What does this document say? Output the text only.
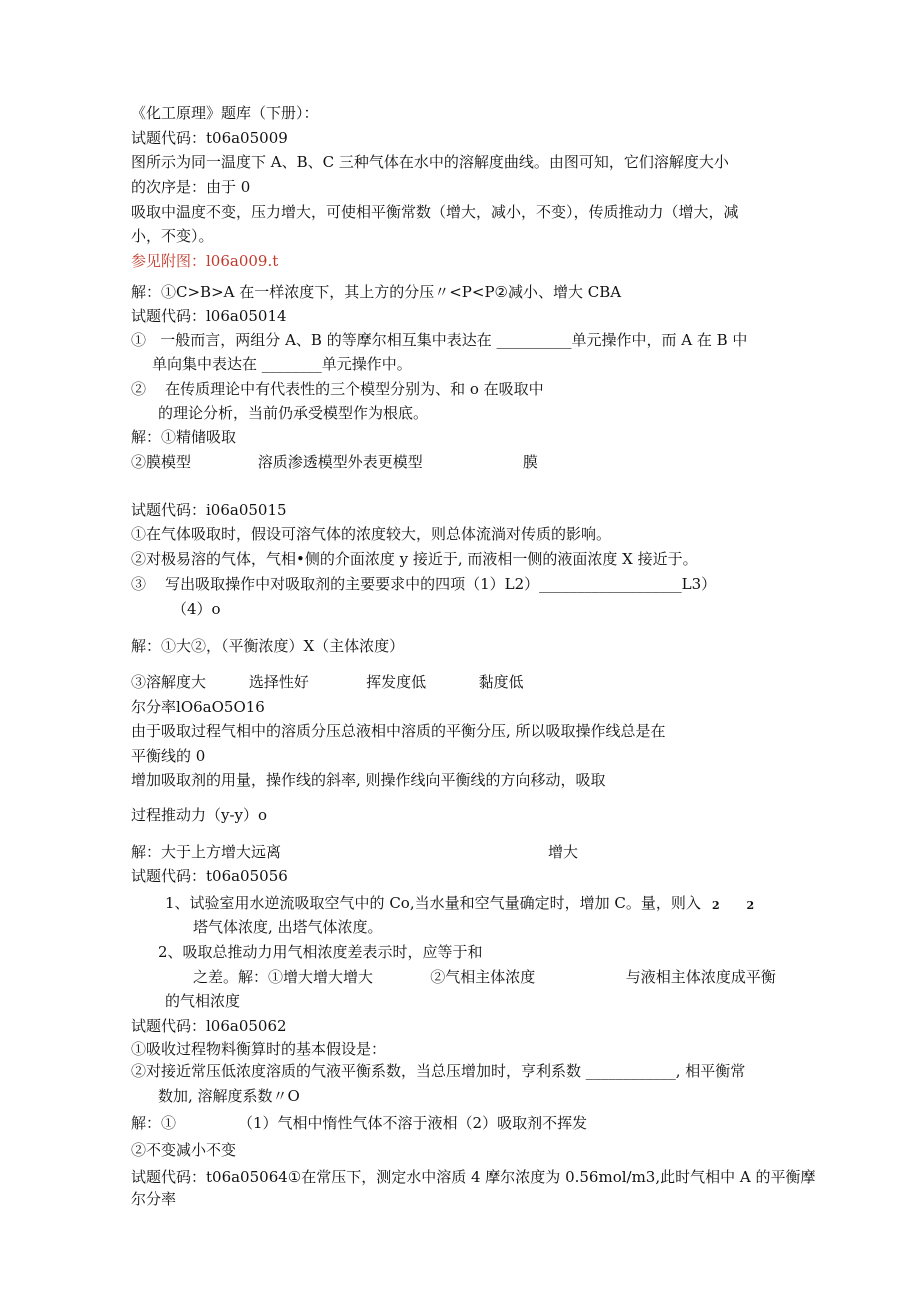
《化工原理》题库（下册）：
试题代码：t06a05009
图所示为同一温度下 A、B、C 三种气体在水中的溶解度曲线。由图可知，它们溶解度大小
的次序是：由于 0
吸取中温度不变，压力增大，可使相平衡常数（增大，减小，不变），传质推动力（增大，减
小，不变）。
参见附图：l06a009.t
解：①C>B>A 在一样浓度下，其上方的分压〃<P<P②减小、增大 CBA
试题代码：l06a05014
①   一般而言，两组分 A、B 的等摩尔相互集中表达在 __________单元操作中，而 A 在 B 中
单向集中表达在 ________单元操作中。
②    在传质理论中有代表性的三个模型分别为、和 o 在吸取中
的理论分析，当前仍承受模型作为根底。
解：①精储吸取
②膜模型              溶质渗透模型外表更模型                     膜
试题代码：i06a05015
①在气体吸取时，假设可溶气体的浓度较大，则总体流淌对传质的影响。
②对极易溶的气体，气相•侧的介面浓度 y 接近于, 而液相一侧的液面浓度 X 接近于。
③    写出吸取操作中对吸取剂的主要要求中的四项（1）L2）___________________L3）
（4）o
解：①大②，（平衡浓度）X（主体浓度）
③溶解度大         选择性好            挥发度低           黏度低
尔分率lO6aO5O16
由于吸取过程气相中的溶质分压总液相中溶质的平衡分压, 所以吸取操作线总是在
平衡线的 0
增加吸取剂的用量，操作线的斜率, 则操作线向平衡线的方向移动，吸取
过程推动力（y-y）o
解：大于上方增大远离                                                        增大
试题代码：t06a05056
1、试验室用水逆流吸取空气中的 Co,当水量和空气量确定时，增加 C。量，则入 2       2
塔气体浓度, 出塔气体浓度。
2、吸取总推动力用气相浓度差表示时，应等于和
之差。解：①增大增大增大            ②气相主体浓度                   与液相主体浓度成平衡
的气相浓度
试题代码：l06a05062
①吸收过程物料衡算时的基本假设是：
②对接近常压低浓度溶质的气液平衡系数，当总压增加时，亨利系数 ____________, 相平衡常
数加, 溶解度系数〃O
解：①             （1）气相中惰性气体不溶于液相（2）吸取剂不挥发
②不变减小不变
试题代码：t06a05064①在常压下，测定水中溶质 4 摩尔浓度为 0.56mol/m3,此时气相中 A 的平衡摩
尔分率
